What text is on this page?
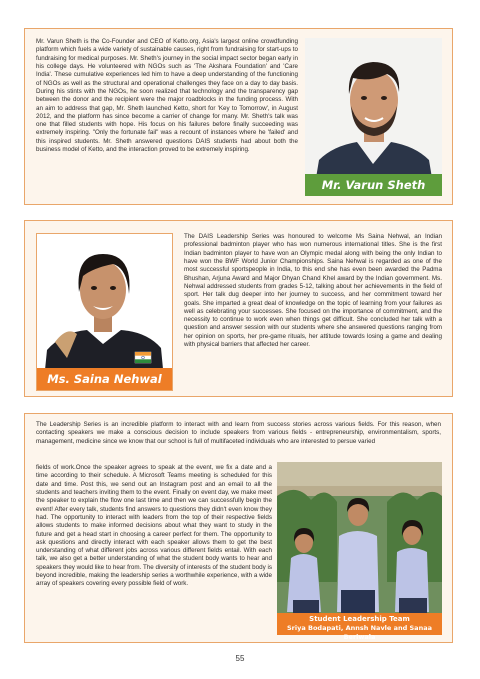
Mr. Varun Sheth is the Co-Founder and CEO of Ketto.org, Asia's largest online crowdfunding platform which fuels a wide variety of sustainable causes, right from fundraising for start-ups to fundraising for medical purposes. Mr. Sheth's journey in the social impact sector began early in his college days. He volunteered with NGOs such as 'The Akshara Foundation' and 'Care India'. These cumulative experiences led him to have a deep understanding of the functioning of NGOs as well as the structural and operational challenges they face on a day to day basis. During his stints with the NGOs, he soon realized that technology and the transparency gap between the donor and the recipient were the major roadblocks in the funding process. With an aim to address that gap, Mr. Sheth launched Ketto, short for 'Key to Tomorrow', in August 2012, and the platform has since become a carrier of change for many. Mr. Sheth's talk was one that filled students with hope. His focus on his failures before finally succeeding was extremely inspiring. "Only the fortunate fail" was a recount of instances where he 'failed' and this inspired students. Mr. Sheth answered questions DAIS students had about both the business model of Ketto, and the interaction proved to be extremely inspiring.

Mr. Varun Sheth
Ms. Saina Nehwal

The DAIS Leadership Series was honoured to welcome Ms Saina Nehwal, an Indian professional badminton player who has won numerous international titles. She is the first Indian badminton player to have won an Olympic medal along with being the only Indian to have won the BWF World Junior Championships. Saina Nehwal is regarded as one of the most successful sportspeople in India, to this end she has even been awarded the Padma Bhushan, Arjuna Award and Major Dhyan Chand Khel award by the Indian government. Ms. Nehwal addressed students from grades 5-12, talking about her achievements in the field of sport. Her talk dug deeper into her journey to success, and her commitment toward her goals. She imparted a great deal of knowledge on the topic of learning from your failures as well as celebrating your successes. She focused on the importance of commitment, and the necessity to continue to work even when things get difficult. She concluded her talk with a question and answer session with our students where she answered questions ranging from her opinion on sports, her pre-game rituals, her attitude towards losing a game and dealing with physical barriers that affected her career.

The Leadership Series is an incredible platform to interact with and learn from success stories across various fields. For this reason, when contacting speakers we make a conscious decision to include speakers from various fields - entrepreneurship, environmentalism, sports, management, medicine since we know that our school is full of multifaceted individuals who are interested to persue varied

fields of work.Once the speaker agrees to speak at the event, we fix a date and a time according to their schedule. A Microsoft Teams meeting is scheduled for this date and time. Post this, we send out an Instagram post and an email to all the students and teachers inviting them to the event. Finally on event day, we make meet the speaker to explain the flow one last time and then we can successfully begin the event! After every talk, students find answers to questions they didn't even know they had. The opportunity to interact with leaders from the top of their respective fields allows students to make informed decisions about what they want to study in the future and get a head start in choosing a career perfect for them. The opportunity to ask questions and directly interact with each speaker allows them to get the best understanding of what different jobs across various different fields entail. With each talk, we also get a better understanding of what the student body wants to hear and speakers they would like to hear from. The diversity of interests of the student body is beyond incredible, making the leadership series a worthwhile experience, with a wide array of speakers covering every possible field of work.

Student Leadership Team
Sriya Bodapati, Annsh Navle and Sanaa Beriwala
55
